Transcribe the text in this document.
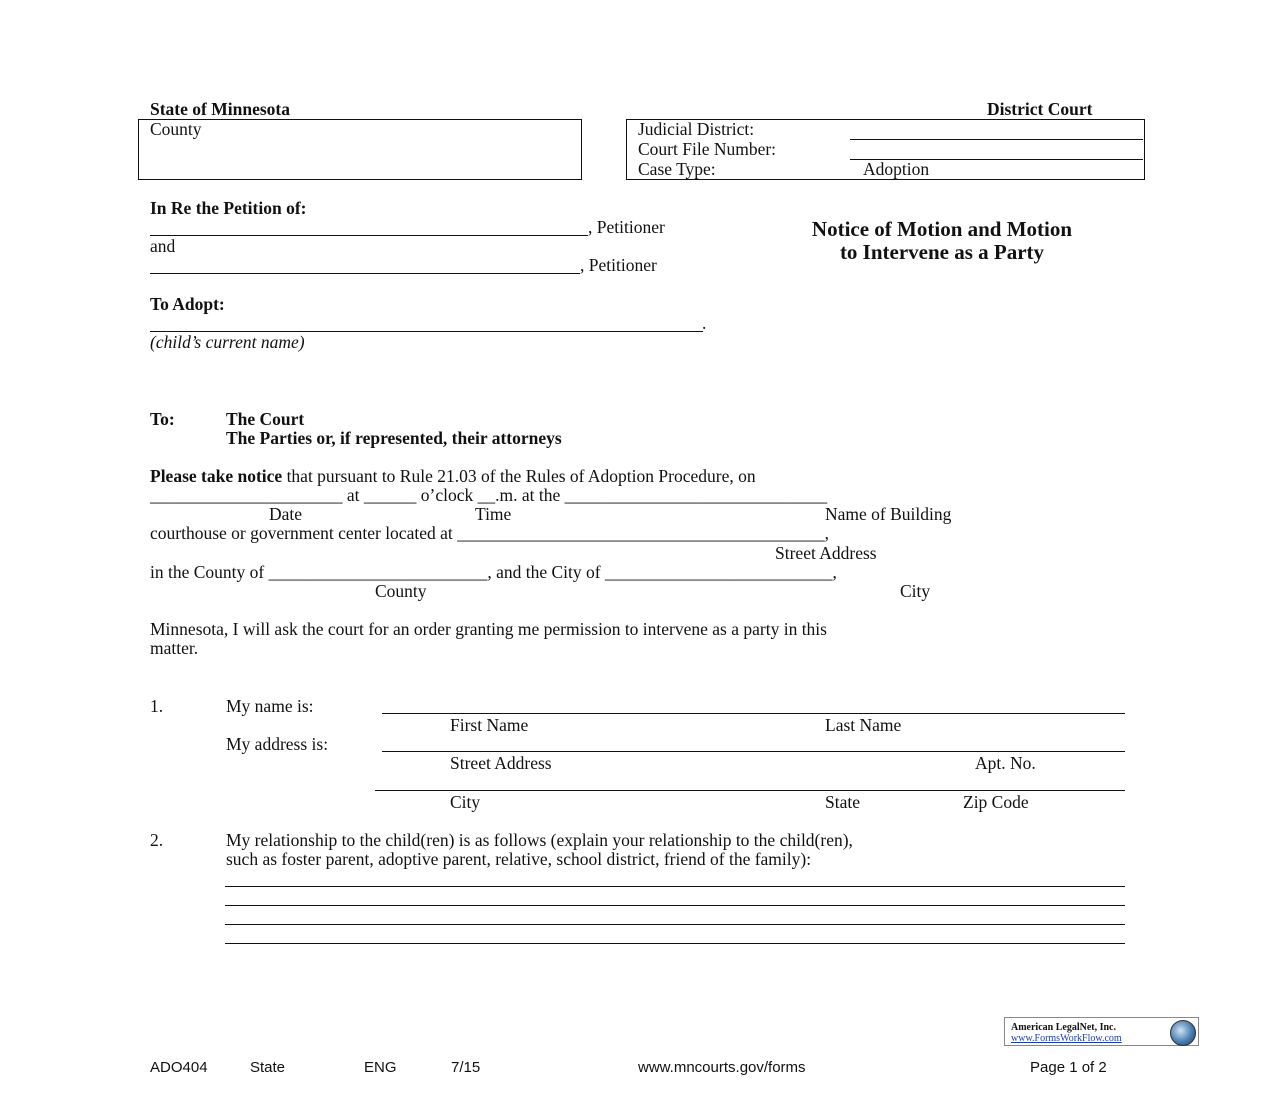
State of Minnesota	District Court
County	Judicial District:
Court File Number:
Case Type:	Adoption
In Re the Petition of:
, Petitioner
and
, Petitioner
To Adopt:
.
(child’s current name)
Notice of Motion and Motion
to Intervene as a Party
To:	The Court
The Parties or, if represented, their attorneys
Please take notice that pursuant to Rule 21.03 of the Rules of Adoption Procedure, on
______________________ at ______ o’clock __.m. at the ______________________________
Date	Time	Name of Building
courthouse or government center located at __________________________________________,
Street Address
in the County of _________________________, and the City of __________________________,
County	City
Minnesota, I will ask the court for an order granting me permission to intervene as a party in this
matter.
1.	My name is:
First Name	Last Name
My address is:
Street Address	Apt. No.
City	State	Zip Code
2.	My relationship to the child(ren) is as follows (explain your relationship to the child(ren),
such as foster parent, adoptive parent, relative, school district, friend of the family):
American LegalNet, Inc.
www.FormsWorkFlow.com
ADO404	State	ENG	7/15	www.mncourts.gov/forms	Page 1 of 2
